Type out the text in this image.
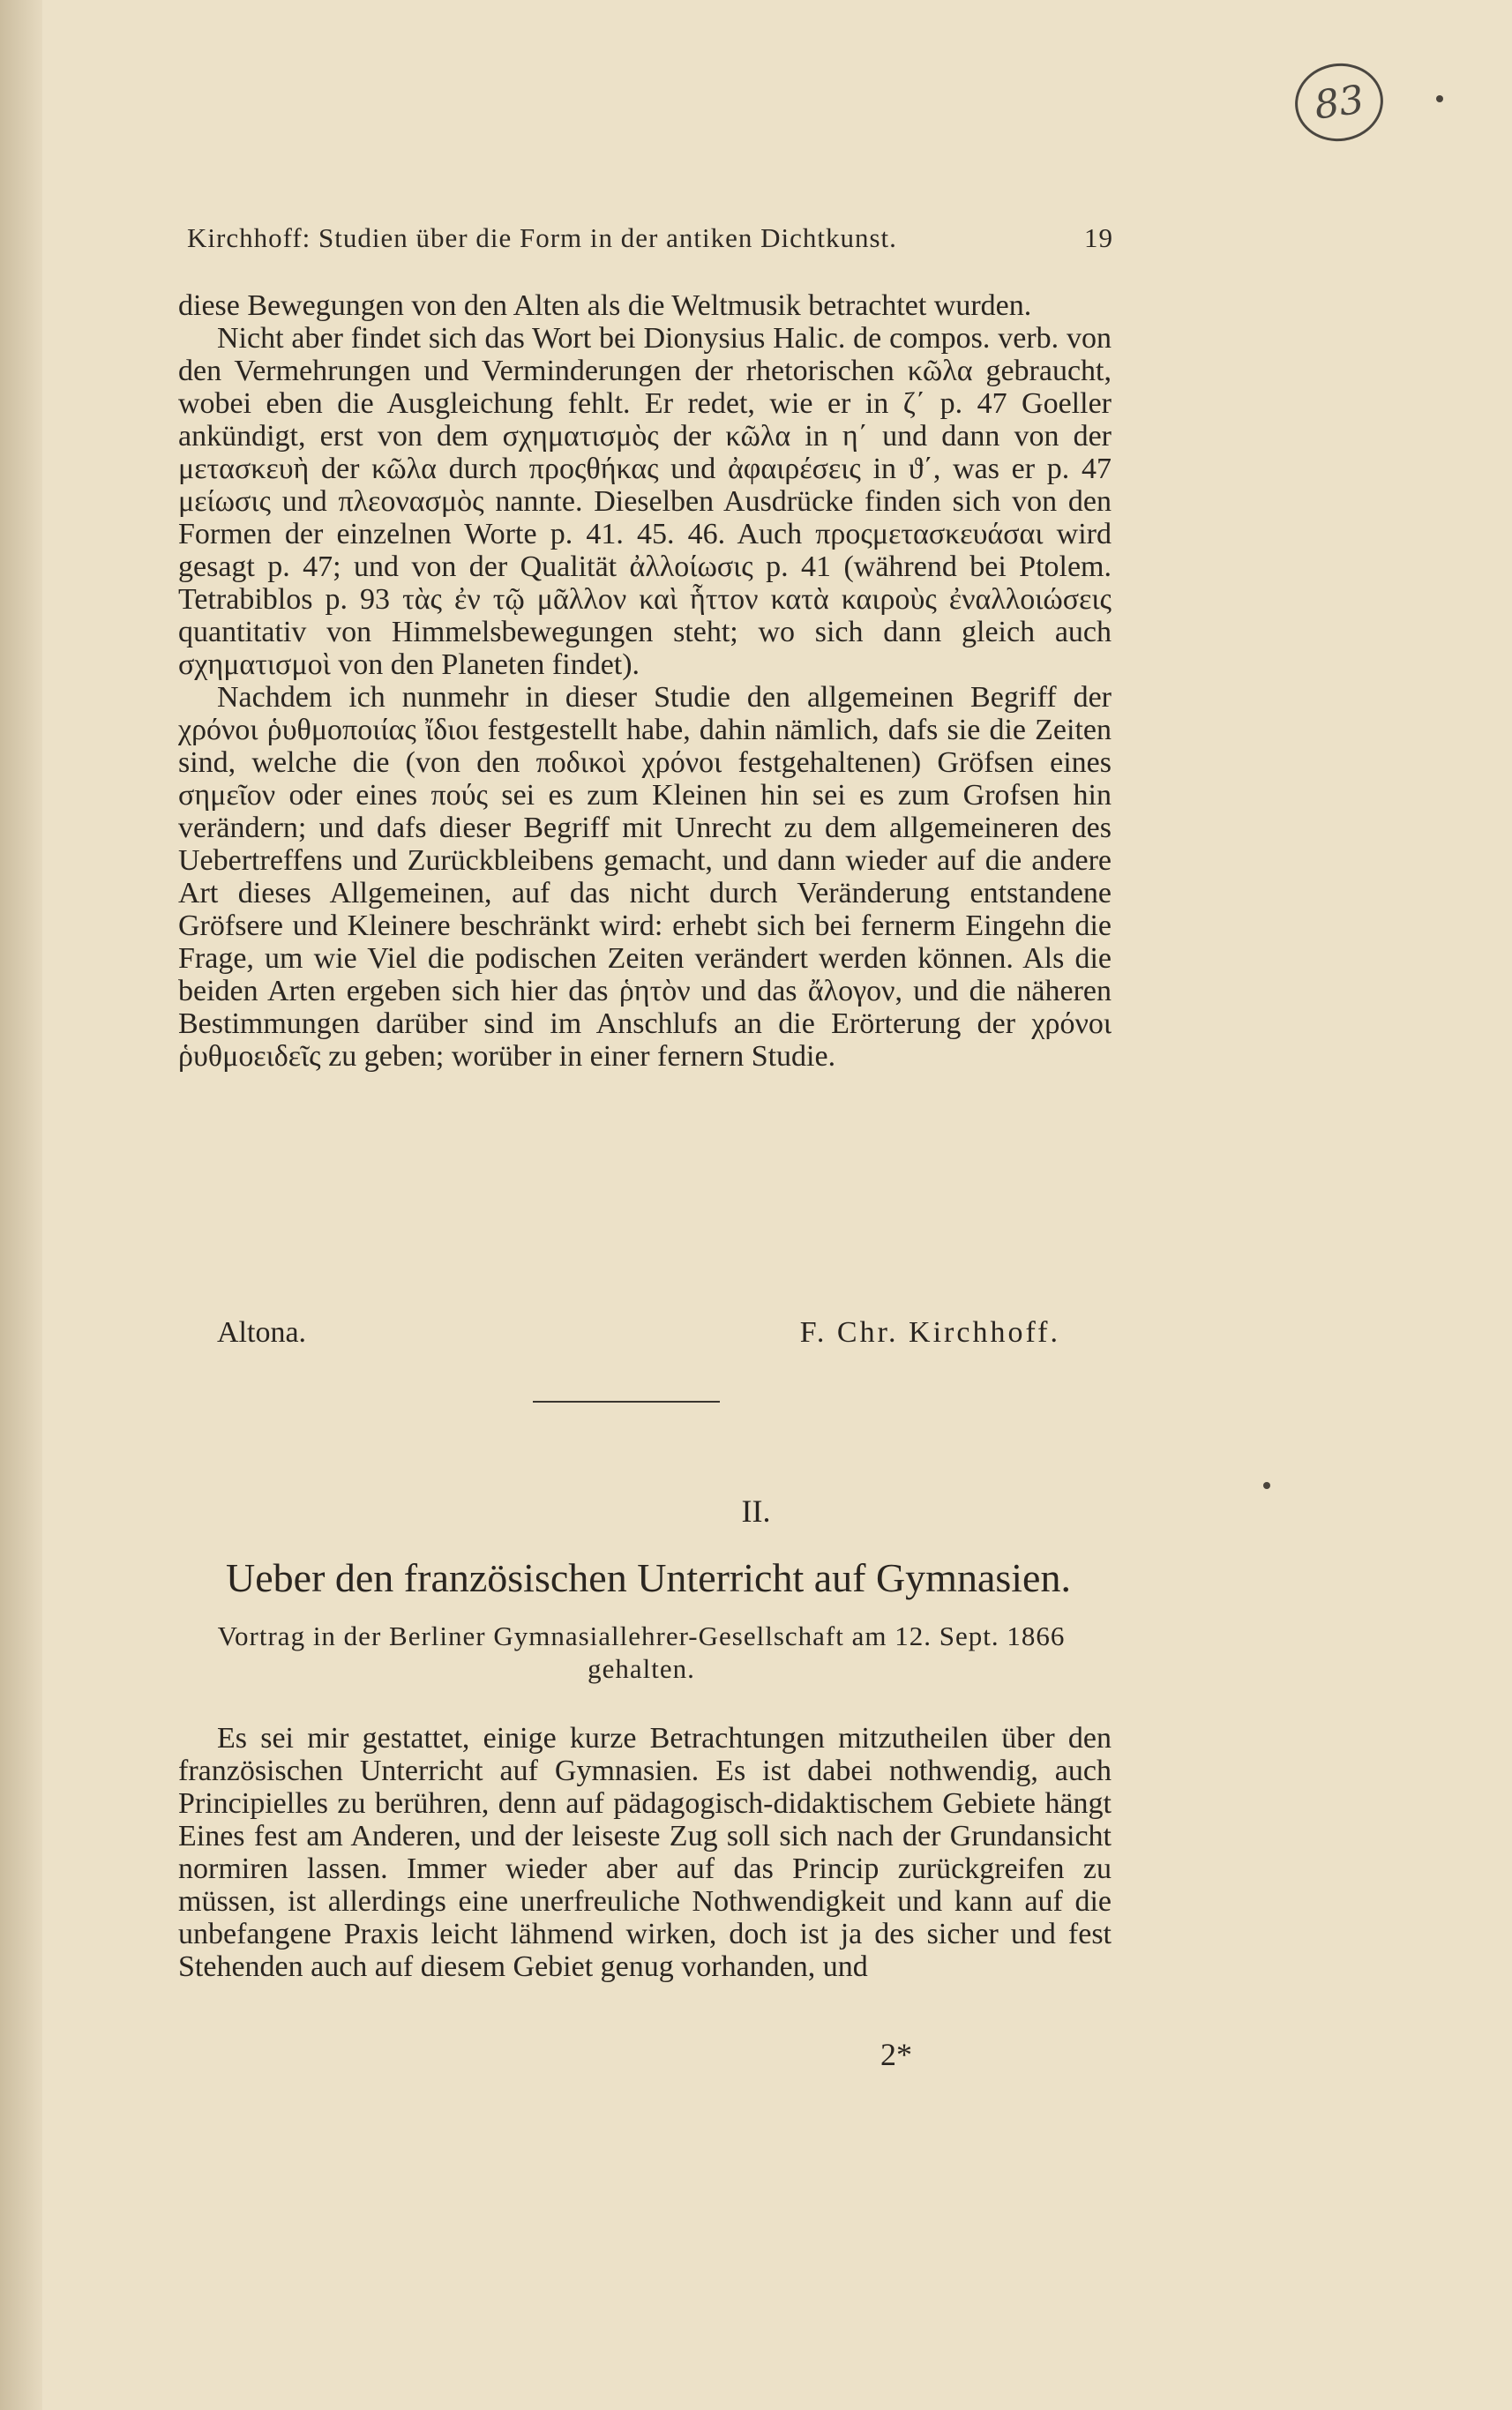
83
Kirchhoff: Studien über die Form in der antiken Dichtkunst.	19

diese Bewegungen von den Alten als die Weltmusik betrachtet wurden.

Nicht aber findet sich das Wort bei Dionysius Halic. de compos. verb. von den Vermehrungen und Verminderungen der rhetorischen κῶλα gebraucht, wobei eben die Ausgleichung fehlt. Er redet, wie er in ζ΄ p. 47 Goeller ankündigt, erst von dem σχηματισμὸς der κῶλα in η΄ und dann von der μετασκευὴ der κῶλα durch προςθήκας und ἀφαιρέσεις in ϑ΄, was er p. 47 μείωσις und πλεονασμὸς nannte. Dieselben Ausdrücke finden sich von den Formen der einzelnen Worte p. 41. 45. 46. Auch προςμετασκευάσαι wird gesagt p. 47; und von der Qualität ἀλλοίωσις p. 41 (während bei Ptolem. Tetrabiblos p. 93 τὰς ἐν τῷ μᾶλλον καὶ ἧττον κατὰ καιροὺς ἐναλλοιώσεις quantitativ von Himmelsbewegungen steht; wo sich dann gleich auch σχηματισμοὶ von den Planeten findet).

Nachdem ich nunmehr in dieser Studie den allgemeinen Begriff der χρόνοι ῥυθμοποιίας ἴδιοι festgestellt habe, dahin nämlich, dafs sie die Zeiten sind, welche die (von den ποδικοὶ χρόνοι festgehaltenen) Gröfsen eines σημεῖον oder eines πούς sei es zum Kleinen hin sei es zum Grofsen hin verändern; und dafs dieser Begriff mit Unrecht zu dem allgemeineren des Uebertreffens und Zurückbleibens gemacht, und dann wieder auf die andere Art dieses Allgemeinen, auf das nicht durch Veränderung entstandene Gröfsere und Kleinere beschränkt wird: erhebt sich bei fernerm Eingehn die Frage, um wie Viel die podischen Zeiten verändert werden können. Als die beiden Arten ergeben sich hier das ῥητὸν und das ἄλογον, und die näheren Bestimmungen darüber sind im Anschlufs an die Erörterung der χρόνοι ῥυθμοειδεῖς zu geben; worüber in einer fernern Studie.

Altona.	F. Chr. Kirchhoff.
II.
Ueber den französischen Unterricht auf Gymnasien.
Vortrag in der Berliner Gymnasiallehrer-Gesellschaft am 12. Sept. 1866 gehalten.

Es sei mir gestattet, einige kurze Betrachtungen mitzutheilen über den französischen Unterricht auf Gymnasien. Es ist dabei nothwendig, auch Principielles zu berühren, denn auf pädagogisch-didaktischem Gebiete hängt Eines fest am Anderen, und der leiseste Zug soll sich nach der Grundansicht normiren lassen. Immer wieder aber auf das Princip zurückgreifen zu müssen, ist allerdings eine unerfreuliche Nothwendigkeit und kann auf die unbefangene Praxis leicht lähmend wirken, doch ist ja des sicher und fest Stehenden auch auf diesem Gebiet genug vorhanden, und

2*
